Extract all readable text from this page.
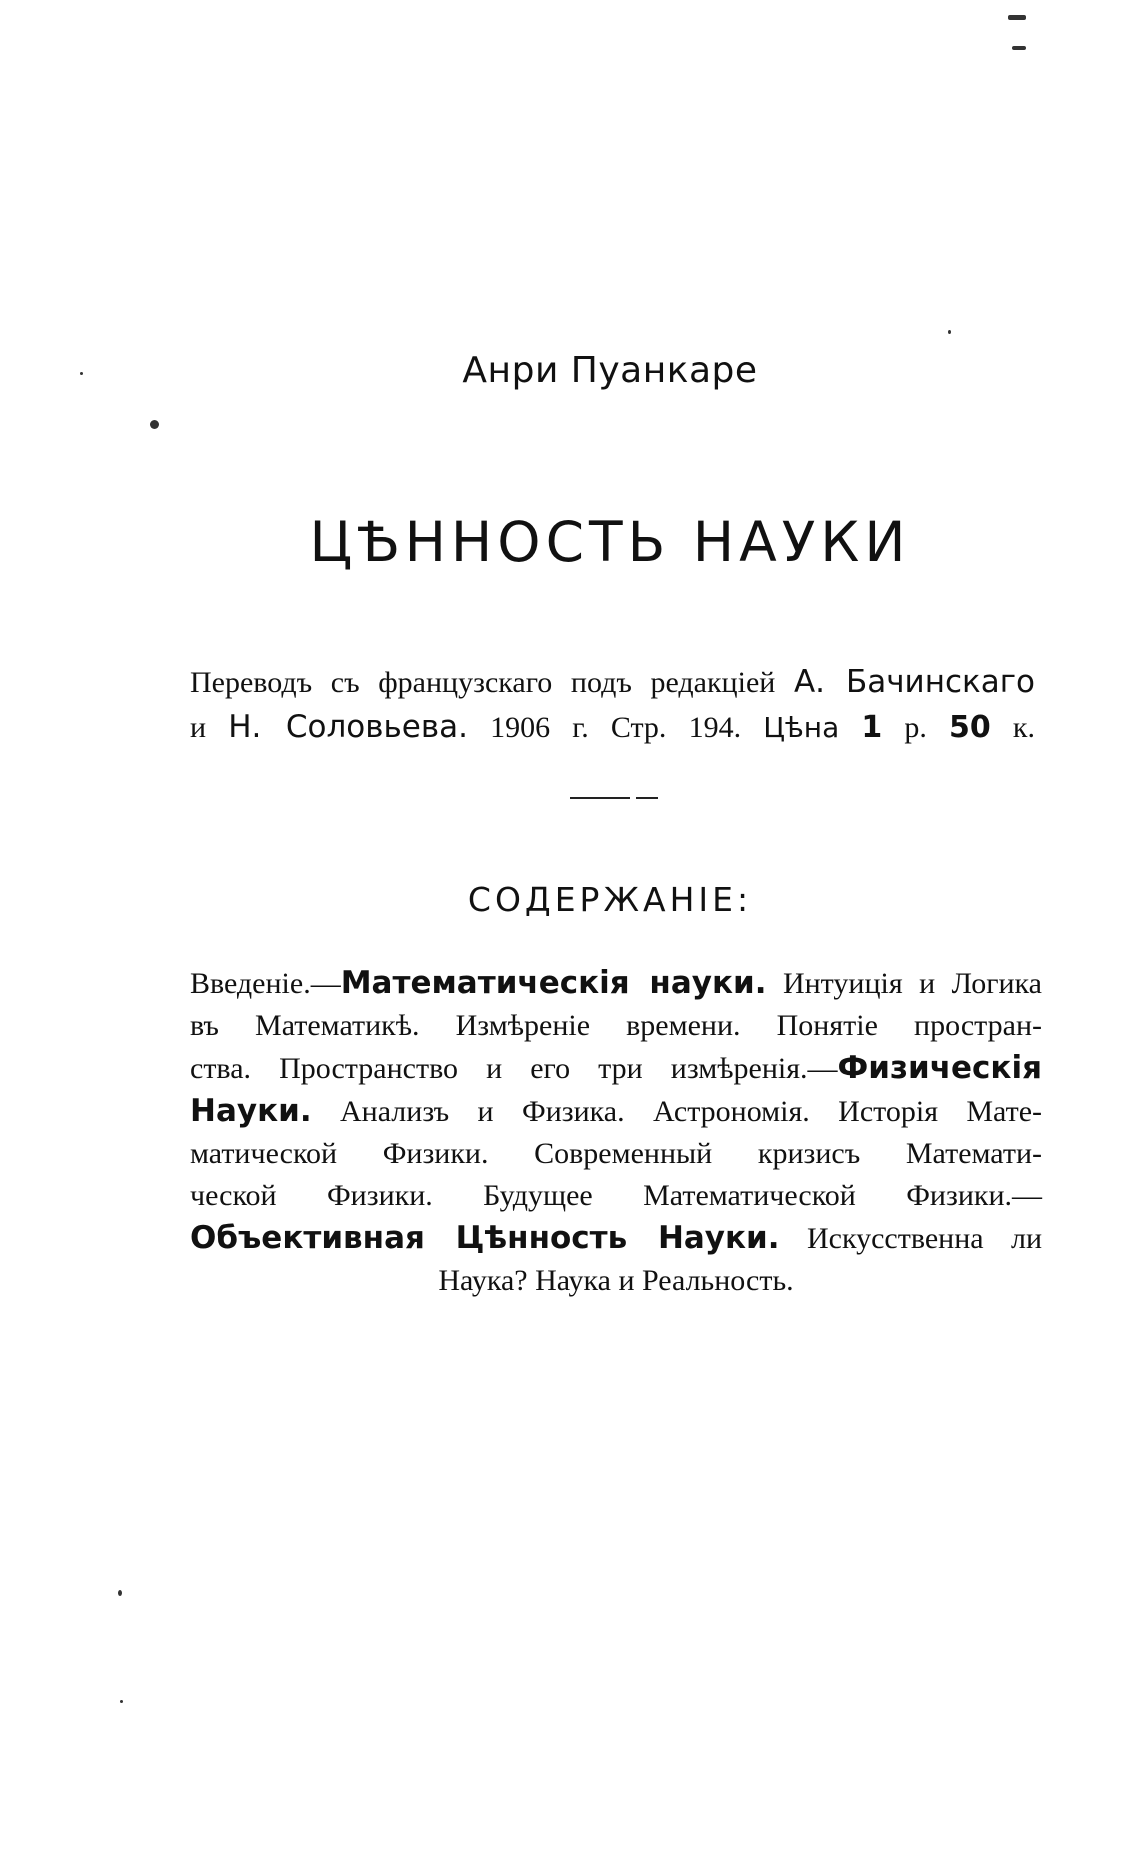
Анри Пуанкаре
ЦѢННОСТЬ НАУКИ
Переводъ съ французскаго подъ редакціей А. Бачинскаго
и Н. Соловьева. 1906 г. Стр. 194. Цѣна 1 р. 50 к.
СОДЕРЖАНІЕ:
Введеніе.—Математическія науки. Интуиція и Логика
въ Математикѣ. Измѣреніе времени. Понятіе простран-
ства. Пространство и его три измѣренія.—Физическія
Науки. Анализъ и Физика. Астрономія. Исторія Мате-
матической Физики. Современный кризисъ Математи-
ческой Физики. Будущее Математической Физики.—
Объективная Цѣнность Науки. Искусственна ли
Наука? Наука и Реальность.
